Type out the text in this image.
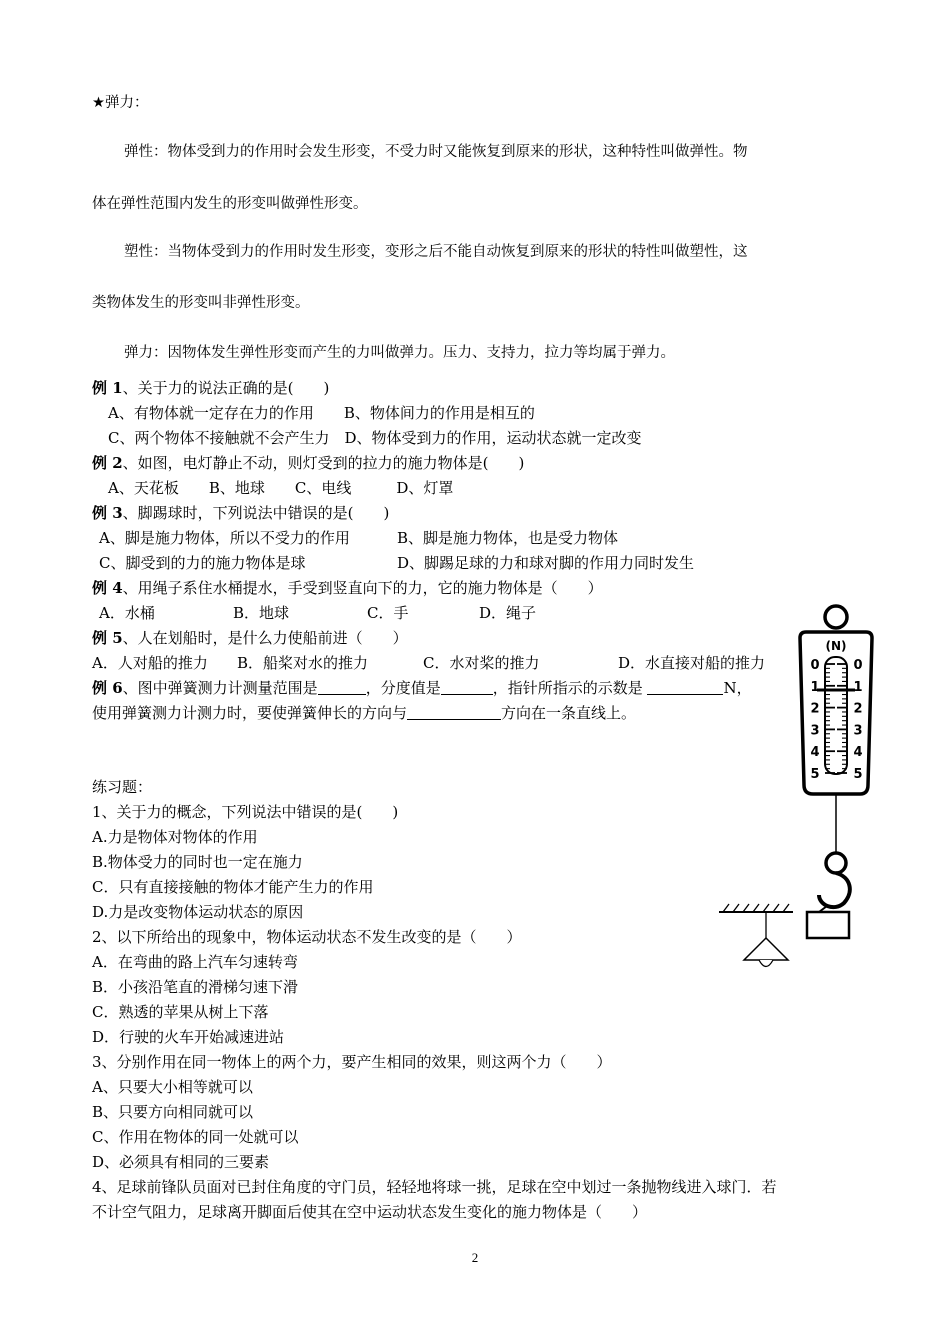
★弹力：
弹性：物体受到力的作用时会发生形变，不受力时又能恢复到原来的形状，这种特性叫做弹性。物
体在弹性范围内发生的形变叫做弹性形变。
塑性：当物体受到力的作用时发生形变，变形之后不能自动恢复到原来的形状的特性叫做塑性，这
类物体发生的形变叫非弹性形变。
弹力：因物体发生弹性形变而产生的力叫做弹力。压力、支持力，拉力等均属于弹力。
例 1、关于力的说法正确的是(　　)
A、有物体就一定存在力的作用　　B、物体间力的作用是相互的
C、两个物体不接触就不会产生力　D、物体受到力的作用，运动状态就一定改变
例 2、如图，电灯静止不动，则灯受到的拉力的施力物体是(　　)
A、天花板　　B、地球　　C、电线　　　D、灯罩
例 3、脚踢球时，下列说法中错误的是(　　)
A、脚是施力物体，所以不受力的作用	B、脚是施力物体，也是受力物体
C、脚受到的力的施力物体是球	D、脚踢足球的力和球对脚的作用力同时发生
例 4、用绳子系住水桶提水，手受到竖直向下的力，它的施力物体是（　　）
A．水桶	B．地球	C．手	D．绳子
例 5、人在划船时，是什么力使船前进（　　）
A．人对船的推力 B．船桨对水的推力	C．水对桨的推力	D．水直接对船的推力
例 6、图中弹簧测力计测量范围是	，分度值是	，指针所指示的示数是	N，
使用弹簧测力计测力时，要使弹簧伸长的方向与	方向在一条直线上。
练习题：
1、关于力的概念，下列说法中错误的是(　　)
A.力是物体对物体的作用
B.物体受力的同时也一定在施力
C．只有直接接触的物体才能产生力的作用
D.力是改变物体运动状态的原因
2、以下所给出的现象中，物体运动状态不发生改变的是（　　）
A．在弯曲的路上汽车匀速转弯
B．小孩沿笔直的滑梯匀速下滑
C．熟透的苹果从树上下落
D．行驶的火车开始减速进站
3、分别作用在同一物体上的两个力，要产生相同的效果，则这两个力（　　）
A、只要大小相等就可以
B、只要方向相同就可以
C、作用在物体的同一处就可以
D、必须具有相同的三要素
4、足球前锋队员面对已封住角度的守门员，轻轻地将球一挑，足球在空中划过一条抛物线进入球门．若
不计空气阻力，足球离开脚面后使其在空中运动状态发生变化的施力物体是（　　）
(N)
0	0
1	1
2	2
3	3
4	4
5	5
2
